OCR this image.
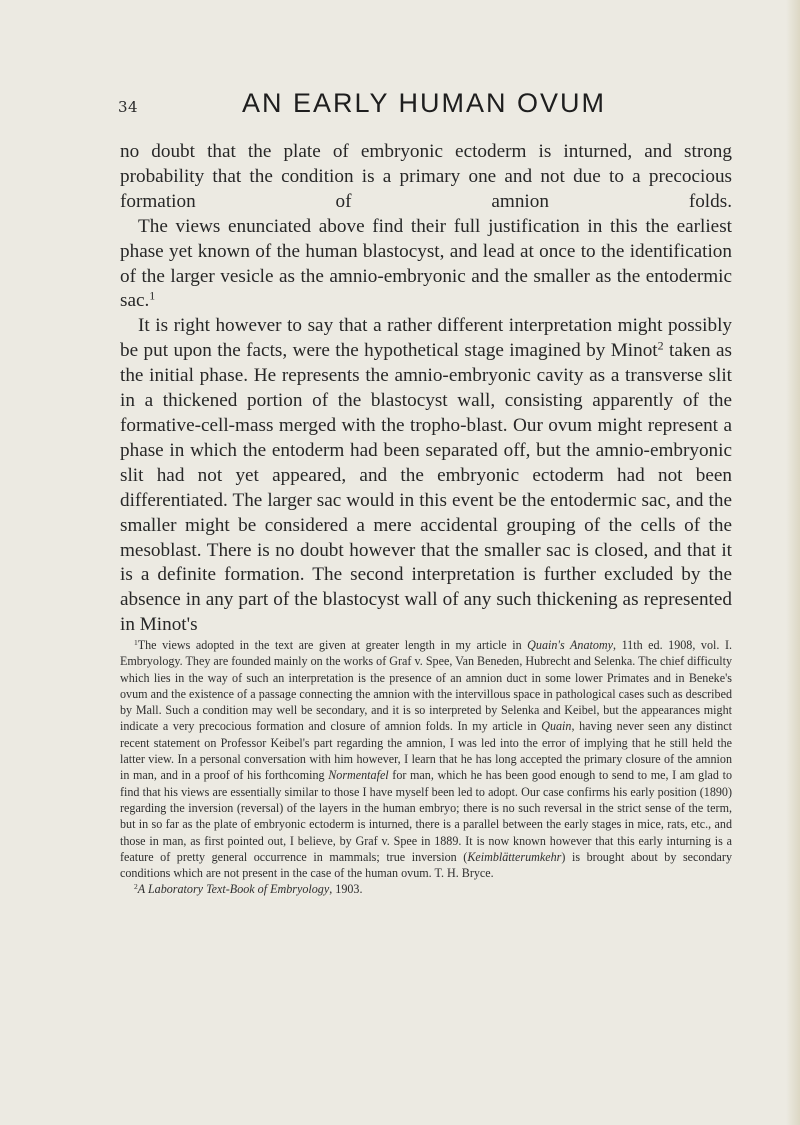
34	AN EARLY HUMAN OVUM

no doubt that the plate of embryonic ectoderm is inturned, and strong probability that the condition is a primary one and not due to a precocious formation of amnion folds.

The views enunciated above find their full justification in this the earliest phase yet known of the human blastocyst, and lead at once to the identification of the larger vesicle as the amnio-embryonic and the smaller as the entodermic sac.$^1$

It is right however to say that a rather different interpretation might possibly be put upon the facts, were the hypothetical stage imagined by Minot$^2$ taken as the initial phase. He represents the amnio-embryonic cavity as a transverse slit in a thickened portion of the blastocyst wall, consisting apparently of the formative-cell-mass merged with the tropho-blast. Our ovum might represent a phase in which the entoderm had been separated off, but the amnio-embryonic slit had not yet appeared, and the embryonic ectoderm had not been differentiated. The larger sac would in this event be the entodermic sac, and the smaller might be considered a mere accidental grouping of the cells of the mesoblast. There is no doubt however that the smaller sac is closed, and that it is a definite formation. The second interpretation is further excluded by the absence in any part of the blastocyst wall of any such thickening as represented in Minot's

$^1$The views adopted in the text are given at greater length in my article in Quain's Anatomy, 11th ed. 1908, vol. I. Embryology. They are founded mainly on the works of Graf v. Spee, Van Beneden, Hubrecht and Selenka. The chief difficulty which lies in the way of such an interpretation is the presence of an amnion duct in some lower Primates and in Beneke's ovum and the existence of a passage connecting the amnion with the intervillous space in pathological cases such as described by Mall. Such a condition may well be secondary, and it is so interpreted by Selenka and Keibel, but the appearances might indicate a very precocious formation and closure of amnion folds. In my article in Quain, having never seen any distinct recent statement on Professor Keibel's part regarding the amnion, I was led into the error of implying that he still held the latter view. In a personal conversation with him however, I learn that he has long accepted the primary closure of the amnion in man, and in a proof of his forthcoming Normentafel for man, which he has been good enough to send to me, I am glad to find that his views are essentially similar to those I have myself been led to adopt. Our case confirms his early position (1890) regarding the inversion (reversal) of the layers in the human embryo; there is no such reversal in the strict sense of the term, but in so far as the plate of embryonic ectoderm is inturned, there is a parallel between the early stages in mice, rats, etc., and those in man, as first pointed out, I believe, by Graf v. Spee in 1889. It is now known however that this early inturning is a feature of pretty general occurrence in mammals; true inversion (Keimblätterumkehr) is brought about by secondary conditions which are not present in the case of the human ovum. T. H. Bryce.

$^2$A Laboratory Text-Book of Embryology, 1903.
